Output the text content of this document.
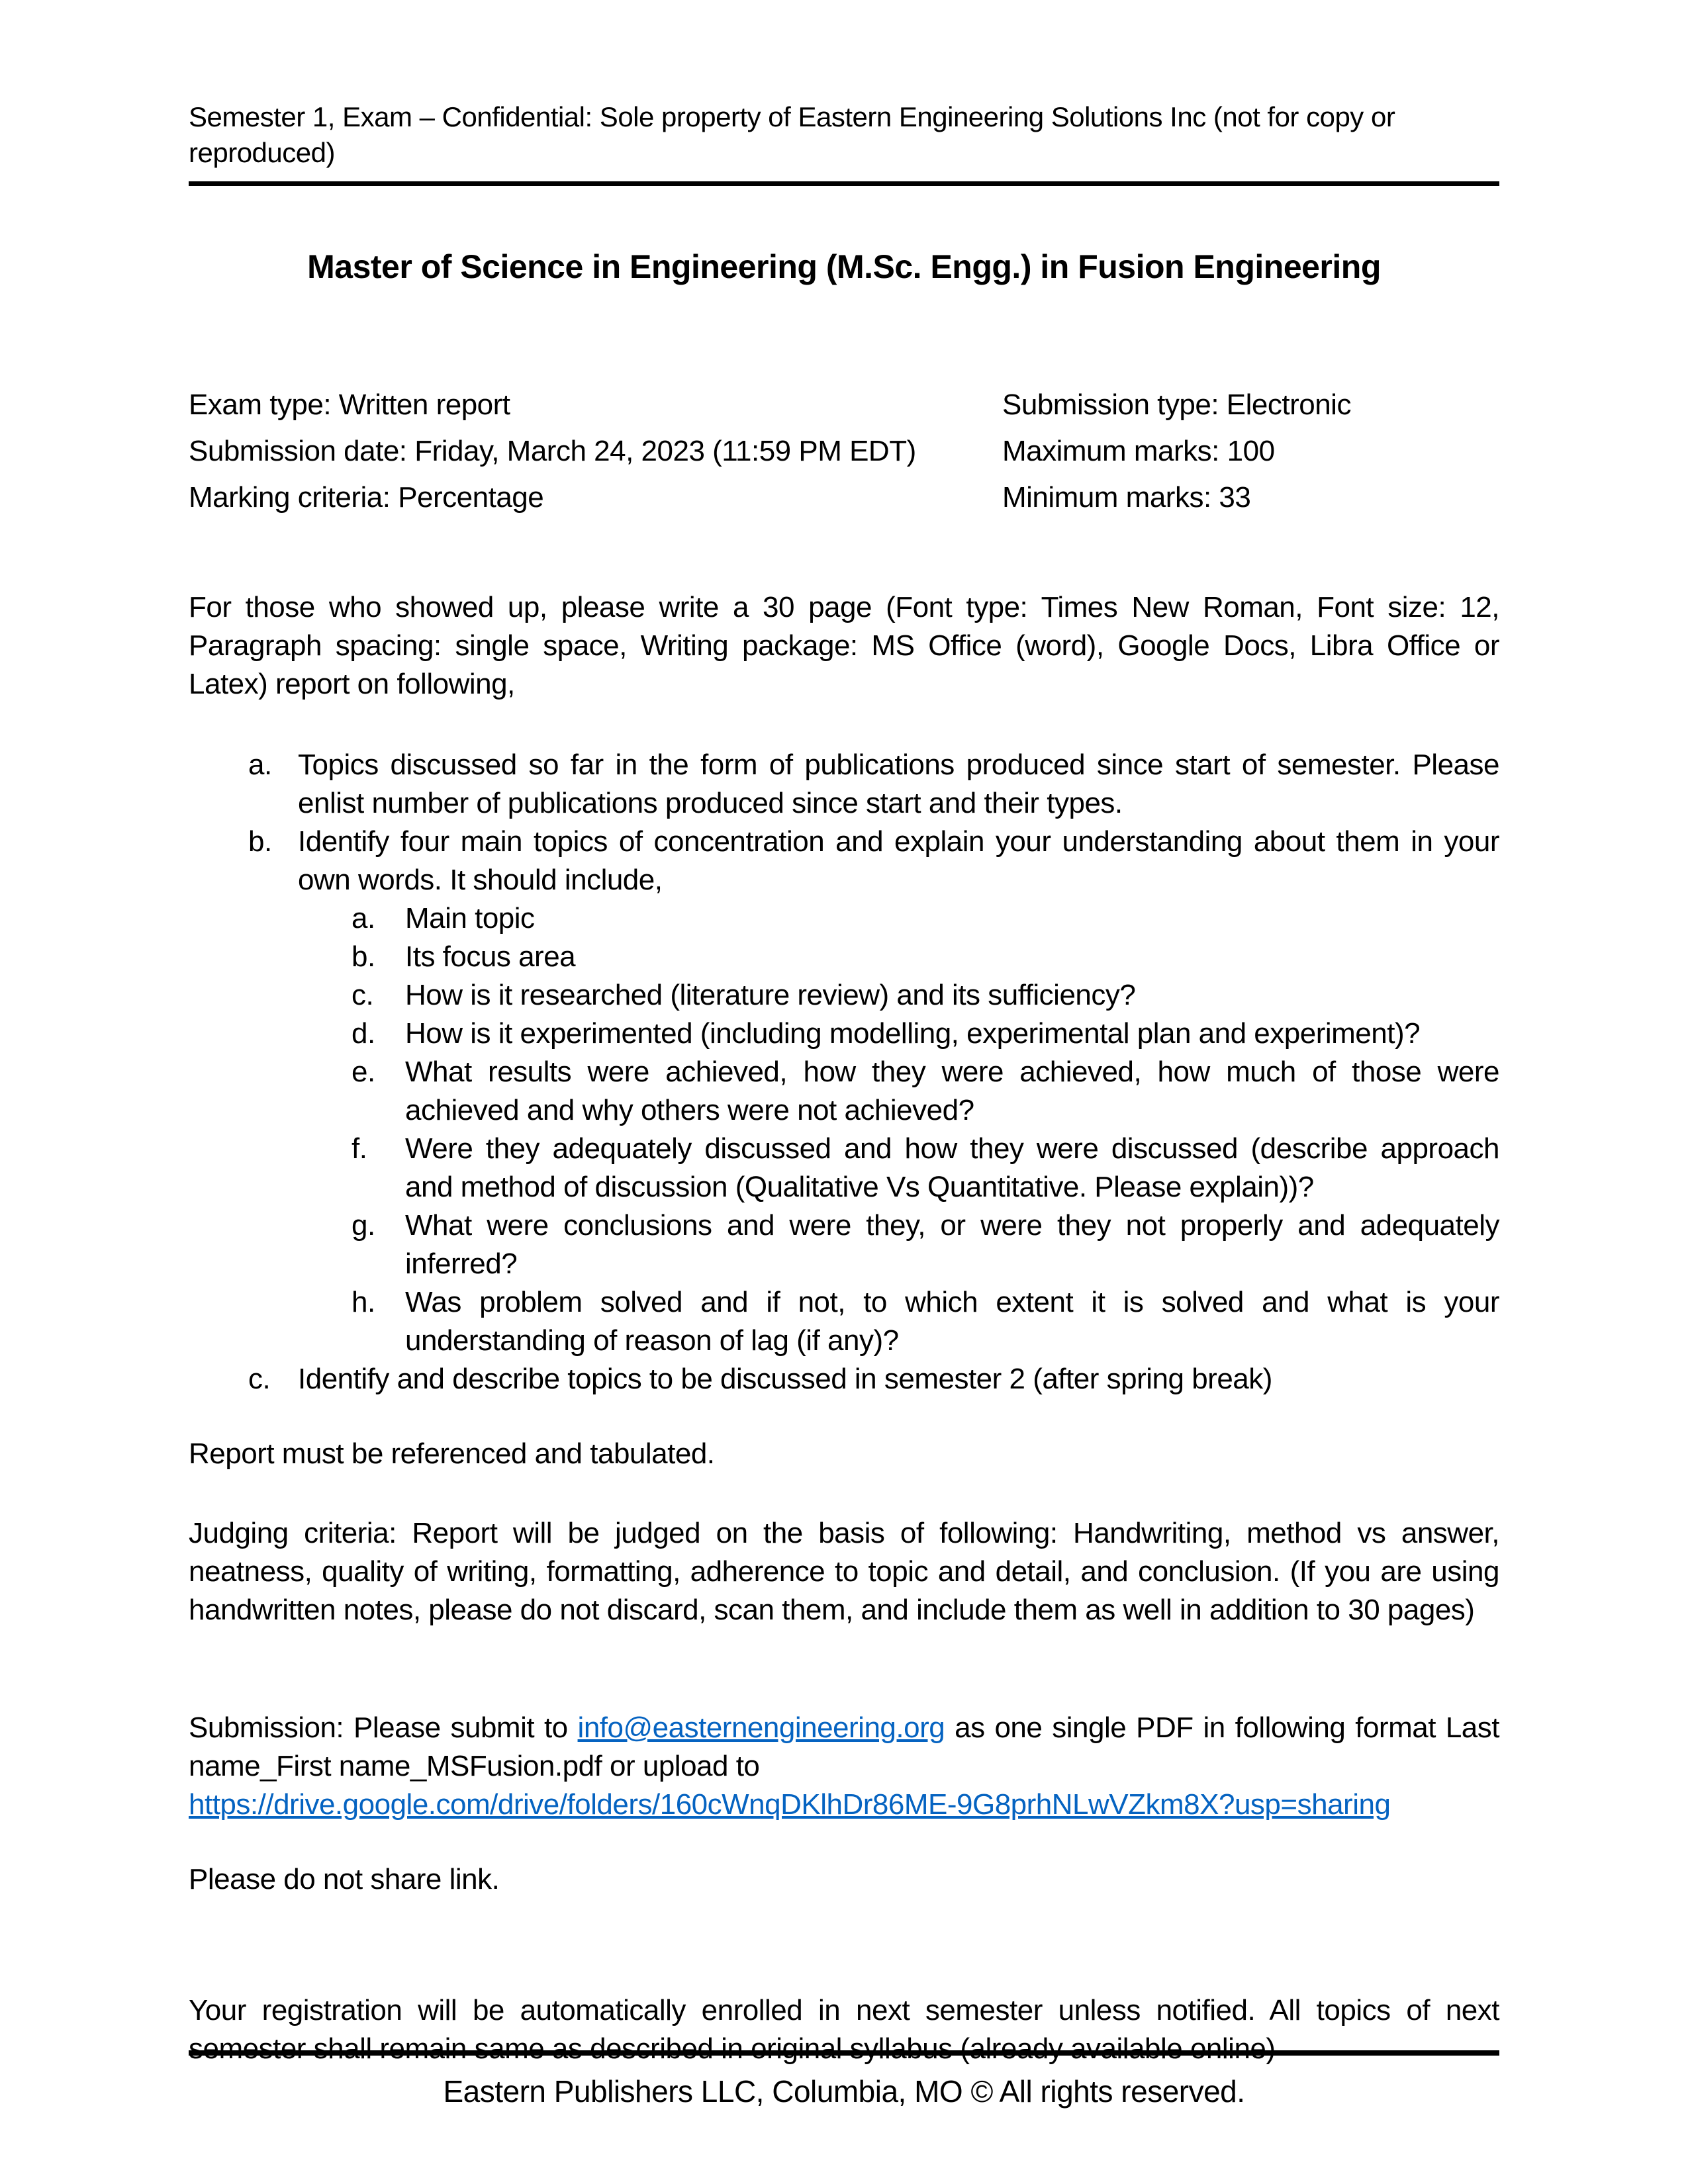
Semester 1, Exam – Confidential: Sole property of Eastern Engineering Solutions Inc (not for copy or reproduced)
Master of Science in Engineering (M.Sc. Engg.) in Fusion Engineering
Exam type: Written report
Submission date: Friday, March 24, 2023 (11:59 PM EDT)
Marking criteria: Percentage
Submission type: Electronic
Maximum marks: 100
Minimum marks: 33

For those who showed up, please write a 30 page (Font type: Times New Roman, Font size: 12, Paragraph spacing: single space, Writing package: MS Office (word), Google Docs, Libra Office or Latex) report on following,

a. Topics discussed so far in the form of publications produced since start of semester. Please enlist number of publications produced since start and their types.
b. Identify four main topics of concentration and explain your understanding about them in your own words. It should include,
a.	Main topic
b.	Its focus area
c.	How is it researched (literature review) and its sufficiency?
d.	How is it experimented (including modelling, experimental plan and experiment)?
e.	What results were achieved, how they were achieved, how much of those were achieved and why others were not achieved?
f.	Were they adequately discussed and how they were discussed (describe approach and method of discussion (Qualitative Vs Quantitative. Please explain))?
g.	What were conclusions and were they, or were they not properly and adequately inferred?
h.	Was problem solved and if not, to which extent it is solved and what is your understanding of reason of lag (if any)?
c. Identify and describe topics to be discussed in semester 2 (after spring break)

Report must be referenced and tabulated.

Judging criteria: Report will be judged on the basis of following: Handwriting, method vs answer, neatness, quality of writing, formatting, adherence to topic and detail, and conclusion. (If you are using handwritten notes, please do not discard, scan them, and include them as well in addition to 30 pages)

Submission: Please submit to info@easternengineering.org as one single PDF in following format Last name_First name_MSFusion.pdf or upload to
https://drive.google.com/drive/folders/160cWnqDKlhDr86ME-9G8prhNLwVZkm8X?usp=sharing

Please do not share link.

Your registration will be automatically enrolled in next semester unless notified. All topics of next semester shall remain same as described in original syllabus (already available online)

Eastern Publishers LLC, Columbia, MO © All rights reserved.
